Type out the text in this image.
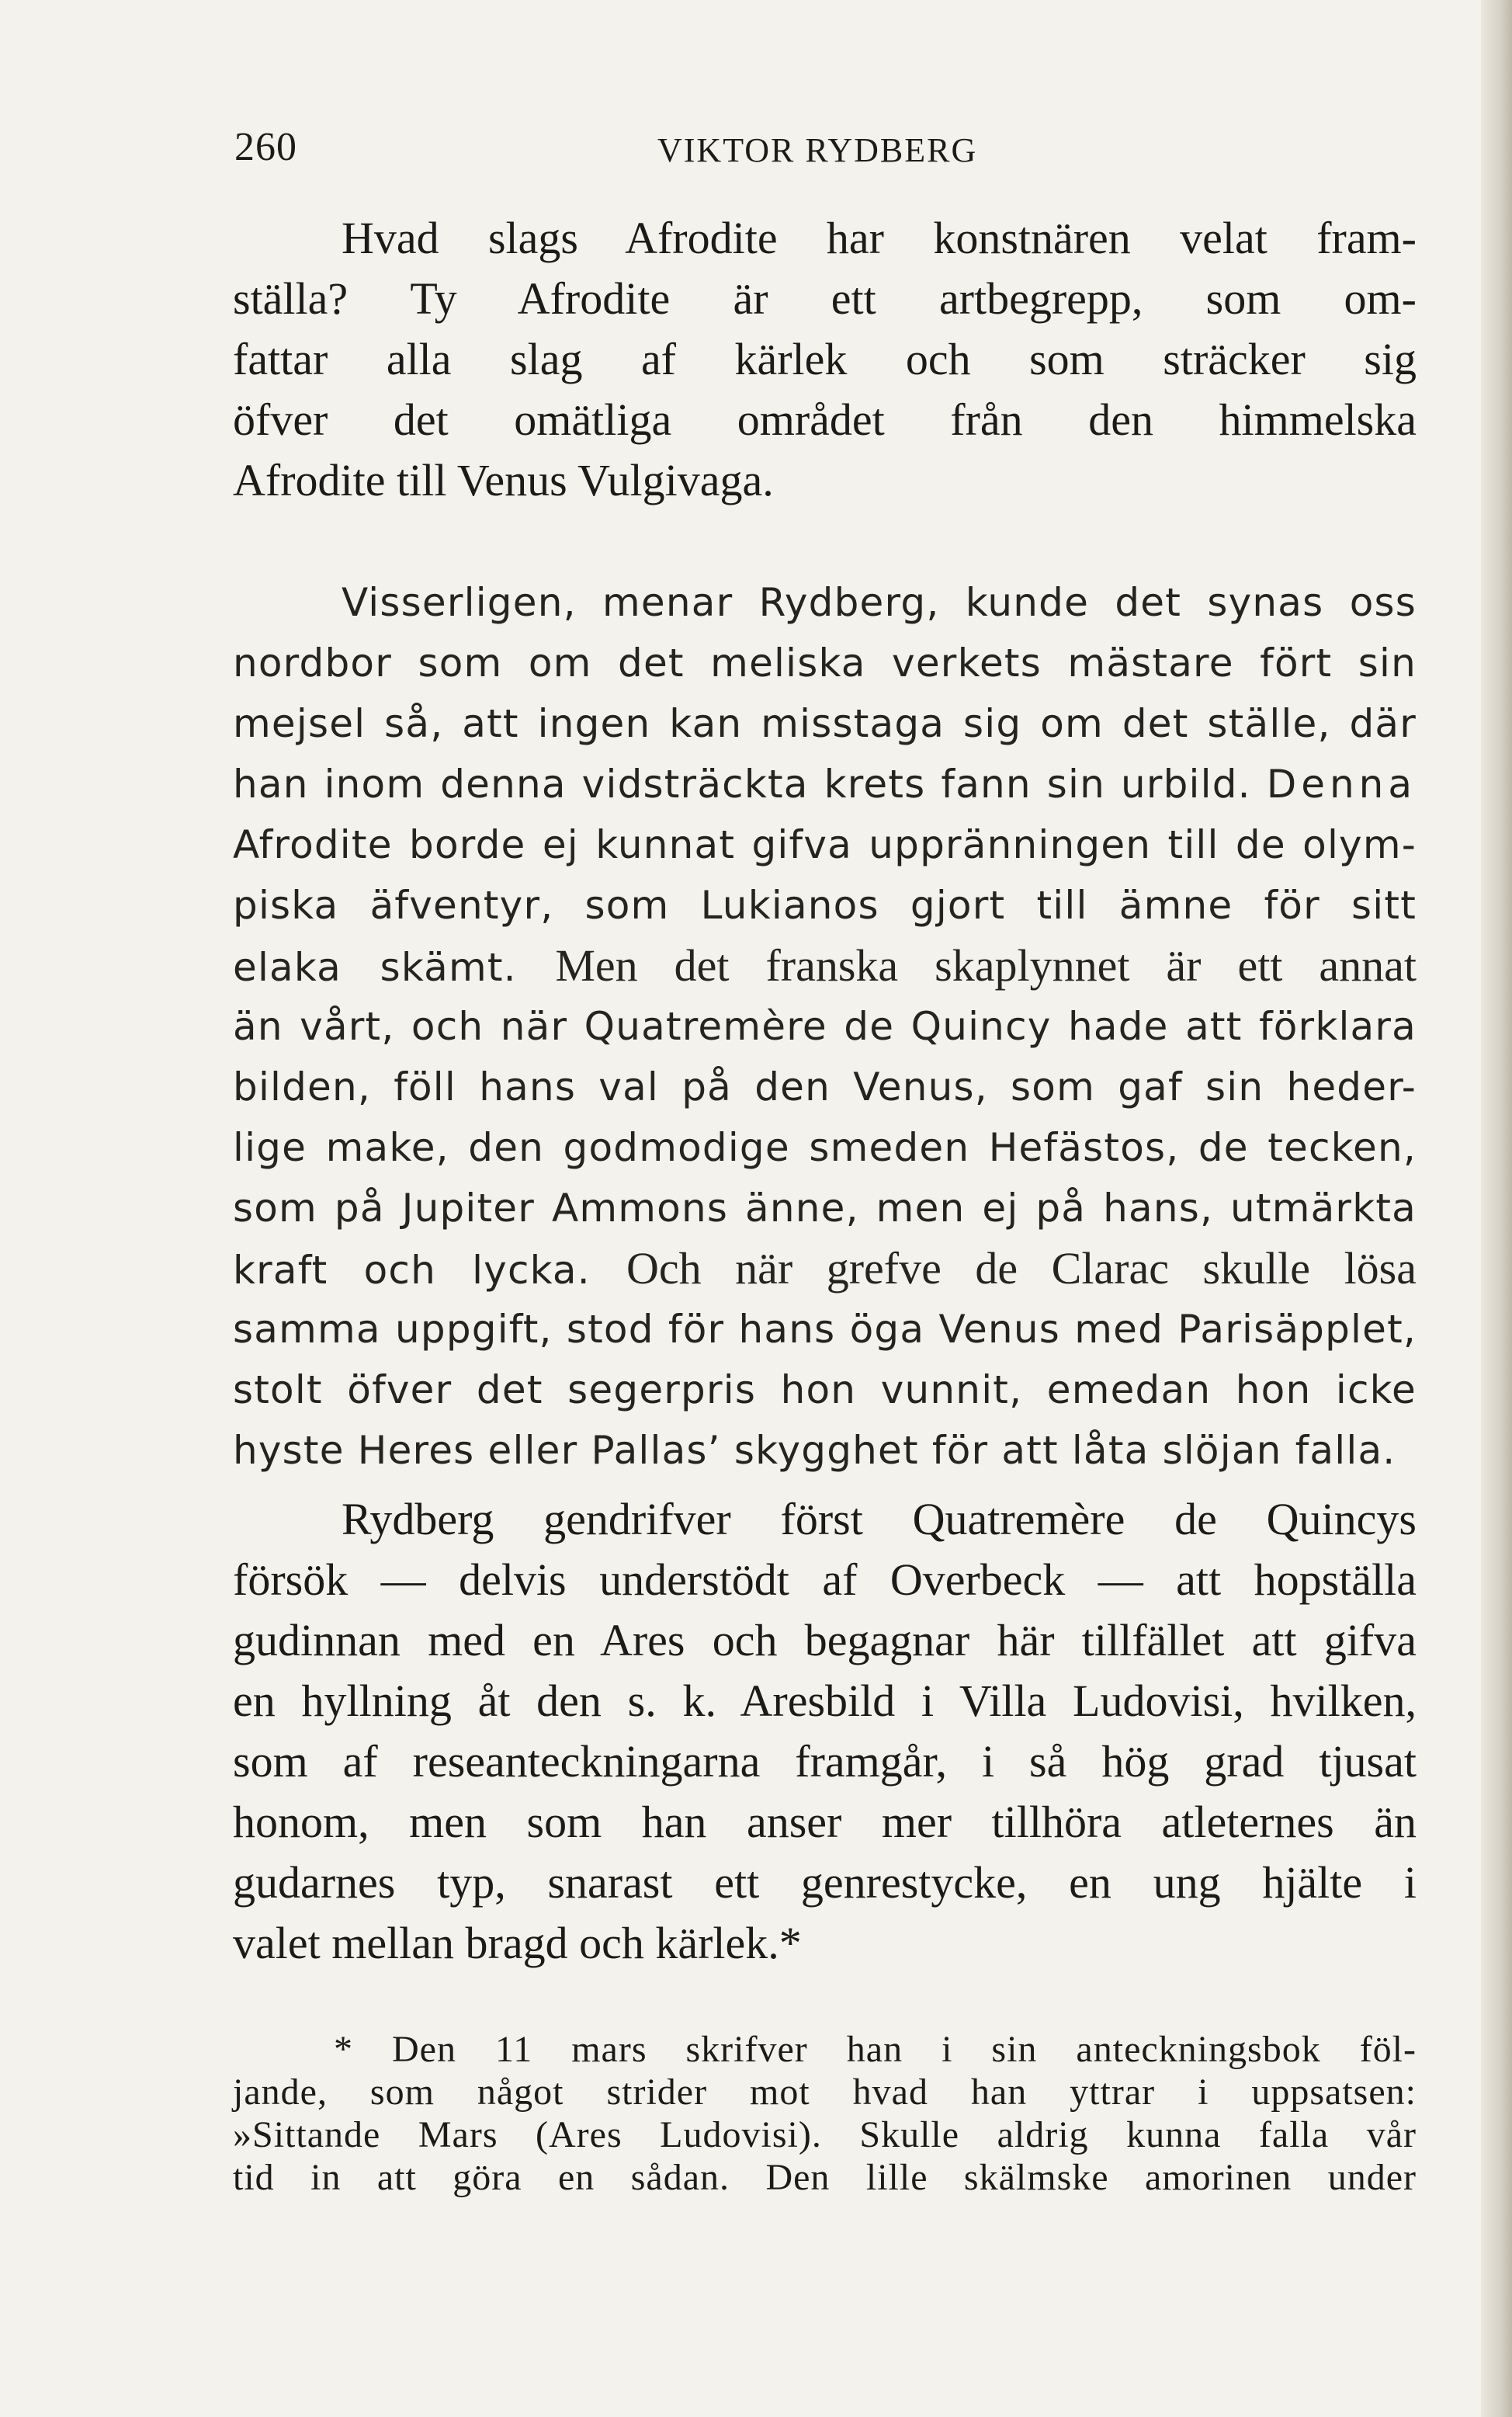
260	VIKTOR RYDBERG
Hvad slags Afrodite har konstnären velat fram-
ställa? Ty Afrodite är ett artbegrepp, som om-
fattar alla slag af kärlek och som sträcker sig
öfver det omätliga området från den himmelska
Afrodite till Venus Vulgivaga.
Visserligen, menar Rydberg, kunde det synas oss
nordbor som om det meliska verkets mästare fört sin
mejsel så, att ingen kan misstaga sig om det ställe, där
han inom denna vidsträckta krets fann sin urbild. Denna
Afrodite borde ej kunnat gifva uppränningen till de olym-
piska äfventyr, som Lukianos gjort till ämne för sitt
elaka skämt. Men det franska skaplynnet är ett annat
än vårt, och när Quatremère de Quincy hade att förklara
bilden, föll hans val på den Venus, som gaf sin heder-
lige make, den godmodige smeden Hefästos, de tecken,
som på Jupiter Ammons änne, men ej på hans, utmärkta
kraft och lycka. Och när grefve de Clarac skulle lösa
samma uppgift, stod för hans öga Venus med Parisäpplet,
stolt öfver det segerpris hon vunnit, emedan hon icke
hyste Heres eller Pallas’ skygghet för att låta slöjan falla.
Rydberg gendrifver först Quatremère de Quincys
försök — delvis understödt af Overbeck — att hopställa
gudinnan med en Ares och begagnar här tillfället att gifva
en hyllning åt den s. k. Aresbild i Villa Ludovisi, hvilken,
som af reseanteckningarna framgår, i så hög grad tjusat
honom, men som han anser mer tillhöra atleternes än
gudarnes typ, snarast ett genrestycke, en ung hjälte i
valet mellan bragd och kärlek.*
* Den 11 mars skrifver han i sin anteckningsbok föl-
jande, som något strider mot hvad han yttrar i uppsatsen:
»Sittande Mars (Ares Ludovisi). Skulle aldrig kunna falla vår
tid in att göra en sådan. Den lille skälmske amorinen under
